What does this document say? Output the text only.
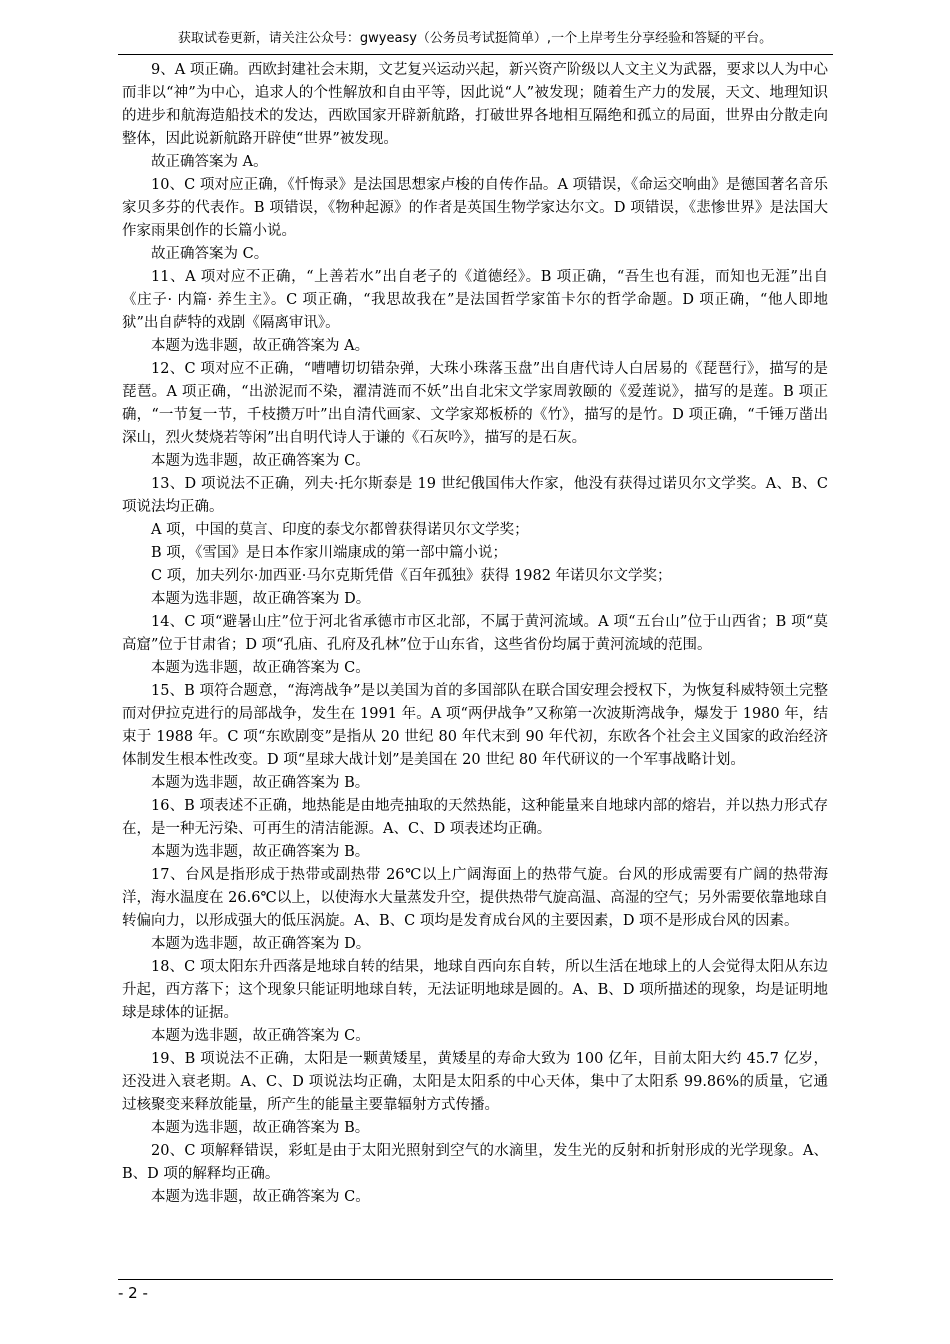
获取试卷更新，请关注公众号：gwyeasy（公务员考试挺简单）,一个上岸考生分享经验和答疑的平台。

9、A 项正确。西欧封建社会末期，文艺复兴运动兴起，新兴资产阶级以人文主义为武器，要求以人为中心而非以“神”为中心，追求人的个性解放和自由平等，因此说“人”被发现；随着生产力的发展，天文、地理知识的进步和航海造船技术的发达，西欧国家开辟新航路，打破世界各地相互隔绝和孤立的局面，世界由分散走向整体，因此说新航路开辟使“世界”被发现。

故正确答案为 A。

10、C 项对应正确，《忏悔录》是法国思想家卢梭的自传作品。A 项错误，《命运交响曲》是德国著名音乐家贝多芬的代表作。B 项错误，《物种起源》的作者是英国生物学家达尔文。D 项错误，《悲惨世界》是法国大作家雨果创作的长篇小说。

故正确答案为 C。

11、A 项对应不正确，“上善若水”出自老子的《道德经》。B 项正确，“吾生也有涯，而知也无涯”出自《庄子· 内篇· 养生主》。C 项正确，“我思故我在”是法国哲学家笛卡尔的哲学命题。D 项正确，“他人即地狱”出自萨特的戏剧《隔离审讯》。

本题为选非题，故正确答案为 A。

12、C 项对应不正确，“嘈嘈切切错杂弹，大珠小珠落玉盘”出自唐代诗人白居易的《琵琶行》，描写的是琵琶。A 项正确，“出淤泥而不染，濯清涟而不妖”出自北宋文学家周敦颐的《爱莲说》，描写的是莲。B 项正确，“一节复一节，千枝攒万叶”出自清代画家、文学家郑板桥的《竹》，描写的是竹。D 项正确，“千锤万凿出深山，烈火焚烧若等闲”出自明代诗人于谦的《石灰吟》，描写的是石灰。

本题为选非题，故正确答案为 C。

13、D 项说法不正确，列夫·托尔斯泰是 19 世纪俄国伟大作家，他没有获得过诺贝尔文学奖。A、B、C 项说法均正确。

A 项，中国的莫言、印度的泰戈尔都曾获得诺贝尔文学奖；

B 项，《雪国》是日本作家川端康成的第一部中篇小说；

C 项，加夫列尔·加西亚·马尔克斯凭借《百年孤独》获得 1982 年诺贝尔文学奖；

本题为选非题，故正确答案为 D。

14、C 项“避暑山庄”位于河北省承德市市区北部，不属于黄河流域。A 项“五台山”位于山西省；B 项“莫高窟”位于甘肃省；D 项“孔庙、孔府及孔林”位于山东省，这些省份均属于黄河流域的范围。

本题为选非题，故正确答案为 C。

15、B 项符合题意，“海湾战争”是以美国为首的多国部队在联合国安理会授权下，为恢复科威特领土完整而对伊拉克进行的局部战争，发生在 1991 年。A 项“两伊战争”又称第一次波斯湾战争，爆发于 1980 年，结束于 1988 年。C 项“东欧剧变”是指从 20 世纪 80 年代末到 90 年代初，东欧各个社会主义国家的政治经济体制发生根本性改变。D 项“星球大战计划”是美国在 20 世纪 80 年代研议的一个军事战略计划。

本题为选非题，故正确答案为 B。

16、B 项表述不正确，地热能是由地壳抽取的天然热能，这种能量来自地球内部的熔岩，并以热力形式存在，是一种无污染、可再生的清洁能源。A、C、D 项表述均正确。

本题为选非题，故正确答案为 B。

17、台风是指形成于热带或副热带 26℃以上广阔海面上的热带气旋。台风的形成需要有广阔的热带海洋，海水温度在 26.6℃以上，以使海水大量蒸发升空，提供热带气旋高温、高湿的空气；另外需要依靠地球自转偏向力，以形成强大的低压涡旋。A、B、C 项均是发育成台风的主要因素，D 项不是形成台风的因素。

本题为选非题，故正确答案为 D。

18、C 项太阳东升西落是地球自转的结果，地球自西向东自转，所以生活在地球上的人会觉得太阳从东边升起，西方落下；这个现象只能证明地球自转，无法证明地球是圆的。A、B、D 项所描述的现象，均是证明地球是球体的证据。

本题为选非题，故正确答案为 C。

19、B 项说法不正确，太阳是一颗黄矮星，黄矮星的寿命大致为 100 亿年，目前太阳大约 45.7 亿岁，还没进入衰老期。A、C、D 项说法均正确，太阳是太阳系的中心天体，集中了太阳系 99.86%的质量，它通过核聚变来释放能量，所产生的能量主要靠辐射方式传播。

本题为选非题，故正确答案为 B。

20、C 项解释错误，彩虹是由于太阳光照射到空气的水滴里，发生光的反射和折射形成的光学现象。A、B、D 项的解释均正确。

本题为选非题，故正确答案为 C。

- 2 -
